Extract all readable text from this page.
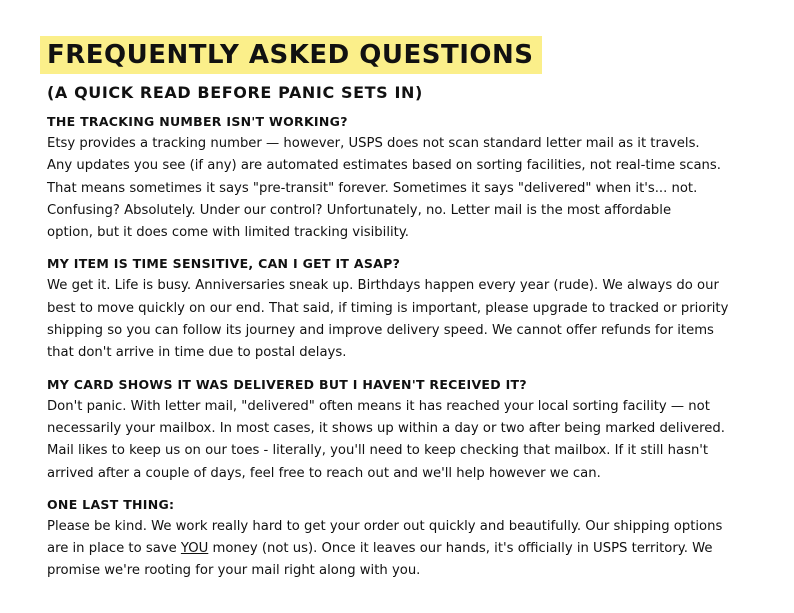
FREQUENTLY ASKED QUESTIONS
(A QUICK READ BEFORE PANIC SETS IN)
THE TRACKING NUMBER ISN'T WORKING?
Etsy provides a tracking number — however, USPS does not scan standard letter mail as it travels.
Any updates you see (if any) are automated estimates based on sorting facilities, not real-time scans.
That means sometimes it says "pre-transit" forever. Sometimes it says "delivered" when it's... not.
Confusing? Absolutely. Under our control? Unfortunately, no. Letter mail is the most affordable
option, but it does come with limited tracking visibility.
MY ITEM IS TIME SENSITIVE, CAN I GET IT ASAP?
We get it. Life is busy. Anniversaries sneak up. Birthdays happen every year (rude). We always do our
best to move quickly on our end. That said, if timing is important, please upgrade to tracked or priority
shipping so you can follow its journey and improve delivery speed. We cannot offer refunds for items
that don't arrive in time due to postal delays.
MY CARD SHOWS IT WAS DELIVERED BUT I HAVEN'T RECEIVED IT?
Don't panic. With letter mail, "delivered" often means it has reached your local sorting facility — not
necessarily your mailbox. In most cases, it shows up within a day or two after being marked delivered.
Mail likes to keep us on our toes - literally, you'll need to keep checking that mailbox. If it still hasn't
arrived after a couple of days, feel free to reach out and we'll help however we can.
ONE LAST THING:
Please be kind. We work really hard to get your order out quickly and beautifully. Our shipping options
are in place to save YOU money (not us). Once it leaves our hands, it's officially in USPS territory. We
promise we're rooting for your mail right along with you.
